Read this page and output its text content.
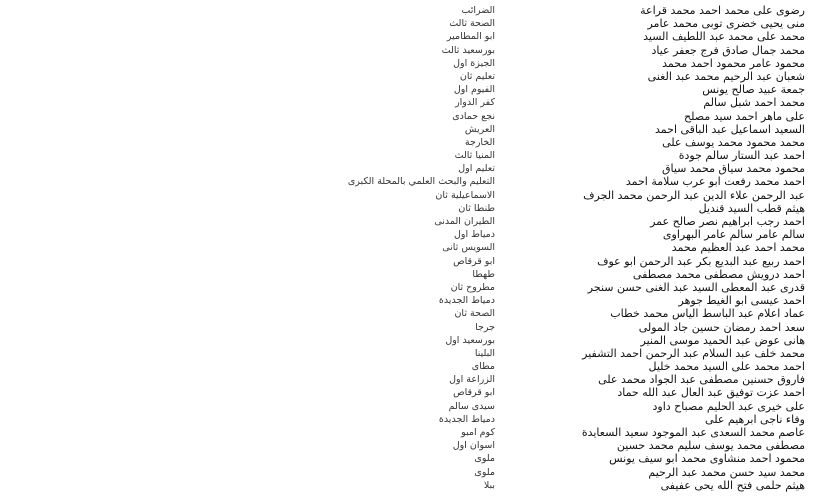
رضوى على محمد احمد محمد قراعة
الضرائب
منى يحيى خضرى توبى محمد عامر
الصحة ثالث
محمد على محمد عبد اللطيف السيد
ابو المطامير
محمد جمال صادق فرج جعفر عياد
بورسعيد ثالث
محمود عامر محمود احمد محمد
الجيزة اول
شعبان عبد الرحيم محمد عبد الغنى
تعليم ثان
جمعة عبيد صالح يونس
الفيوم اول
محمد احمد شبل سالم
كفر الدوار
على ماهر احمد سيد مصلح
نجع حمادى
السعيد اسماعيل عبد الباقى احمد
العريش
محمد محمود محمد يوسف على
الخارجة
احمد عبد الستار سالم جودة
المنيا ثالث
محمود محمد سياق محمد سياق
تعليم اول
احمد محمد رفعت ابو عرب سلامة احمد
التعليم والبحث العلمي بالمحلة الكبرى
عبد الرحمن علاء الدين عبد الرحمن محمد الجرف
الاسماعيلية ثان
هيثم قطب السيد قنديل
طنطا ثان
احمد رجب ابراهيم نصر صالح عمر
الطيران المدنى
سالم عامر سالم عامر البهراوى
دمياط اول
محمد احمد عبد العظيم محمد
السويس ثانى
احمد ربيع عبد البديع بكر عبد الرحمن ابو عوف
ابو قرقاص
احمد درويش مصطفى محمد مصطفى
طهطا
قدرى عبد المعطى السيد عبد الغنى حسن سنجر
مطروح ثان
احمد عيسى ابو الغيط جوهر
دمياط الجديدة
عماد اعلام عبد الباسط الياس محمد خطاب
الصحة ثان
سعد احمد رمضان حسين جاد المولى
جرجا
هانى عوض عبد الحميد موسى المنير
بورسعيد اول
محمد خلف عبد السلام عبد الرحمن احمد التشفير
البلينا
احمد محمد على السيد محمد خليل
مطاى
فاروق حسنين مصطفى عبد الجواد محمد على
الزراعة اول
احمد عزت توفيق عبد العال عبد الله حماد
ابو قرقاص
على خيرى عبد الحليم مصباح داود
سيدى سالم
وفاء ناجى ابرهيم على
دمياط الجديدة
عاصم محمد السعدى عبد الموجود سعيد السعايدة
كوم امبو
مصطفى محمد يوسف سليم محمد حسين
اسوان اول
محمود احمد منشاوى محمد ابو سيف يونس
ملوى
محمد سيد حسن محمد عبد الرحيم
ملوى
هيثم حلمى فتح الله يحى عفيفى
ببلا
